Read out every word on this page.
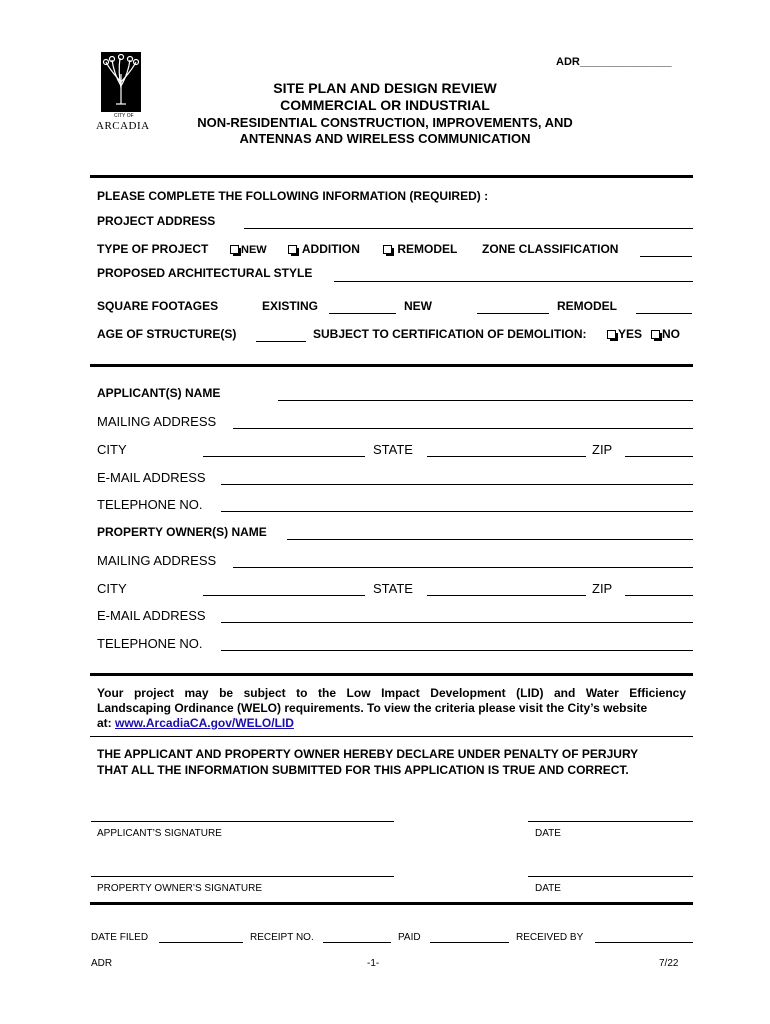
ADR_______________
CITY OF
ARCADIA
SITE PLAN AND DESIGN REVIEW
COMMERCIAL OR INDUSTRIAL
NON-RESIDENTIAL CONSTRUCTION, IMPROVEMENTS, AND
ANTENNAS AND WIRELESS COMMUNICATION
PLEASE COMPLETE THE FOLLOWING INFORMATION (REQUIRED) :
PROJECT ADDRESS
TYPE OF PROJECT	NEW	ADDITION	REMODEL ZONE CLASSIFICATION
PROPOSED ARCHITECTURAL STYLE
SQUARE FOOTAGES	EXISTING	NEW	REMODEL
AGE OF STRUCTURE(S)	SUBJECT TO CERTIFICATION OF DEMOLITION:	YES	NO
APPLICANT(S) NAME
MAILING ADDRESS
CITY	STATE	ZIP
E-MAIL ADDRESS
TELEPHONE NO.
PROPERTY OWNER(S) NAME
MAILING ADDRESS
CITY	STATE	ZIP
E-MAIL ADDRESS
TELEPHONE NO.
Your project may be subject to the Low Impact Development (LID) and Water Efficiency
Landscaping Ordinance (WELO) requirements. To view the criteria please visit the City’s website
at: www.ArcadiaCA.gov/WELO/LID
THE APPLICANT AND PROPERTY OWNER HEREBY DECLARE UNDER PENALTY OF PERJURY
THAT ALL THE INFORMATION SUBMITTED FOR THIS APPLICATION IS TRUE AND CORRECT.
APPLICANT’S SIGNATURE	DATE
PROPERTY OWNER’S SIGNATURE	DATE
DATE FILED	RECEIPT NO.	PAID	RECEIVED BY
ADR	-1-	7/22
